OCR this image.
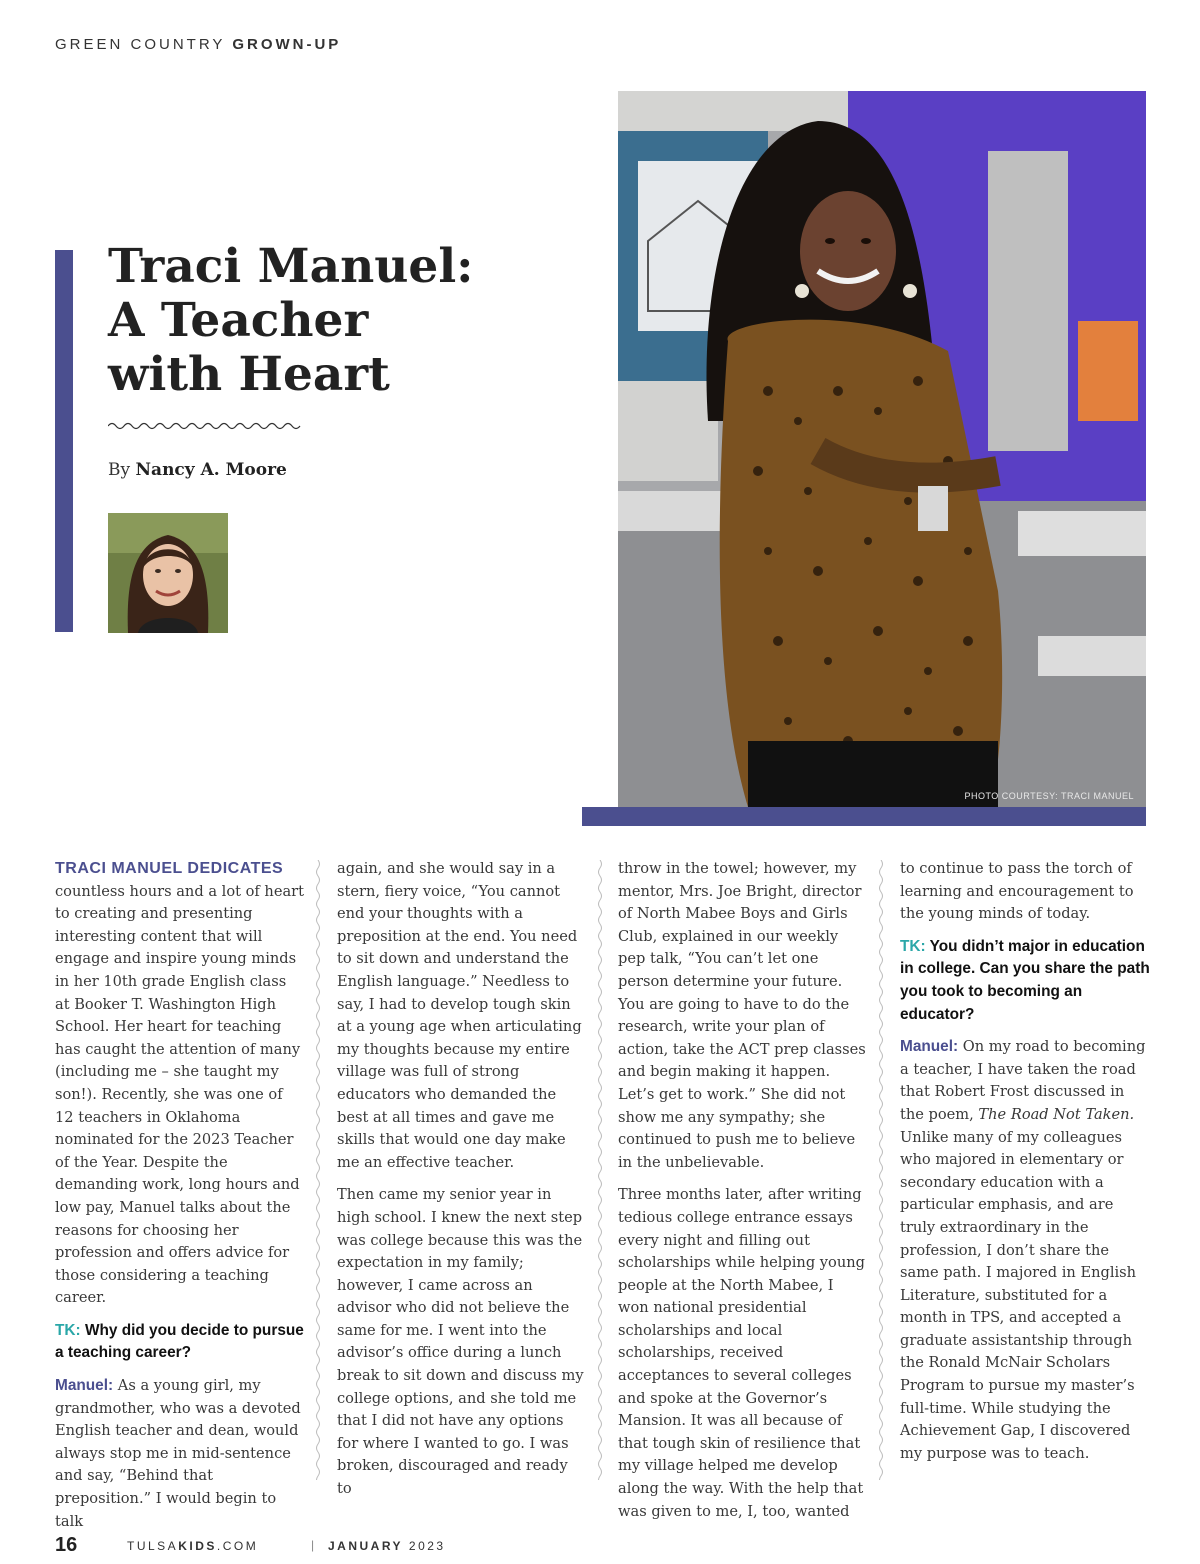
GREEN COUNTRY GROWN-UP
Traci Manuel:
A Teacher
with Heart
By Nancy A. Moore
PHOTO COURTESY: TRACI MANUEL

TRACI MANUEL DEDICATES
countless hours and a lot of heart to creating and presenting interesting content that will engage and inspire young minds in her 10th grade English class at Booker T. Washington High School. Her heart for teaching has caught the attention of many (including me – she taught my son!). Recently, she was one of 12 teachers in Oklahoma nominated for the 2023 Teacher of the Year. Despite the demanding work, long hours and low pay, Manuel talks about the reasons for choosing her profession and offers advice for those considering a teaching career.

TK: Why did you decide to pursue a teaching career?

Manuel: As a young girl, my grandmother, who was a devoted English teacher and dean, would always stop me in mid-sentence and say, “Behind that preposition.” I would begin to talk

again, and she would say in a stern, fiery voice, “You cannot end your thoughts with a preposition at the end. You need to sit down and understand the English language.” Needless to say, I had to develop tough skin at a young age when articulating my thoughts because my entire village was full of strong educators who demanded the best at all times and gave me skills that would one day make me an effective teacher.

Then came my senior year in high school. I knew the next step was college because this was the expectation in my family; however, I came across an advisor who did not believe the same for me. I went into the advisor’s office during a lunch break to sit down and discuss my college options, and she told me that I did not have any options for where I wanted to go. I was broken, discouraged and ready to

throw in the towel; however, my mentor, Mrs. Joe Bright, director of North Mabee Boys and Girls Club, explained in our weekly pep talk, “You can’t let one person determine your future. You are going to have to do the research, write your plan of action, take the ACT prep classes and begin making it happen. Let’s get to work.” She did not show me any sympathy; she continued to push me to believe in the unbelievable.

Three months later, after writing tedious college entrance essays every night and filling out scholarships while helping young people at the North Mabee, I won national presidential scholarships and local scholarships, received acceptances to several colleges and spoke at the Governor’s Mansion. It was all because of that tough skin of resilience that my village helped me develop along the way. With the help that was given to me, I, too, wanted

to continue to pass the torch of learning and encouragement to the young minds of today.

TK: You didn’t major in education in college. Can you share the path you took to becoming an educator?

Manuel: On my road to becoming a teacher, I have taken the road that Robert Frost discussed in the poem, The Road Not Taken. Unlike many of my colleagues who majored in elementary or secondary education with a particular emphasis, and are truly extraordinary in the profession, I don’t share the same path. I majored in English Literature, substituted for a month in TPS, and accepted a graduate assistantship through the Ronald McNair Scholars Program to pursue my master’s full-time. While studying the Achievement Gap, I discovered my purpose was to teach.

16	TULSAKIDS.COM	| JANUARY 2023
